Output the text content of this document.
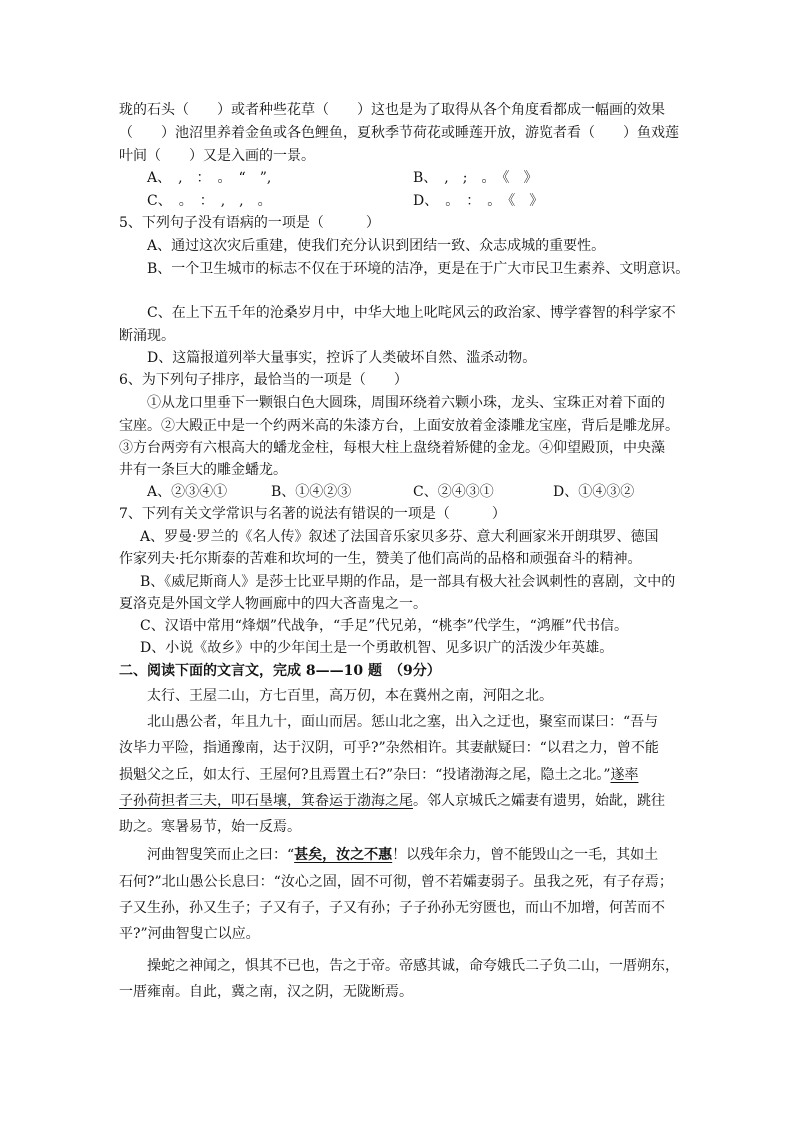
珑的石头（　　）或者种些花草（　　）这也是为了取得从各个角度看都成一幅画的效果
（　　）池沼里养着金鱼或各色鲤鱼，夏秋季节荷花或睡莲开放，游览者看（　　）鱼戏莲
叶间（　　）又是入画的一景。
A、　,　：　。　“　”,	B、　,　;　。　《　》
C、　。　：　,　,　。	D、　。　：　。　《　》
5、下列句子没有语病的一项是（　　　）
A、通过这次灾后重建，使我们充分认识到团结一致、众志成城的重要性。
B、一个卫生城市的标志不仅在于环境的洁净，更是在于广大市民卫生素养、文明意识。
C、在上下五千年的沧桑岁月中，中华大地上叱咤风云的政治家、博学睿智的科学家不
断涌现。
D、这篇报道列举大量事实，控诉了人类破坏自然、滥杀动物。
6、为下列句子排序，最恰当的一项是（　　）
①从龙口里垂下一颗银白色大圆珠，周围环绕着六颗小珠，龙头、宝珠正对着下面的
宝座。②大殿正中是一个约两米高的朱漆方台，上面安放着金漆雕龙宝座，背后是雕龙屏。
③方台两旁有六根高大的蟠龙金柱，每根大柱上盘绕着矫健的金龙。④仰望殿顶，中央藻
井有一条巨大的雕金蟠龙。
A、②③④①	B、①④②③	C、②④③①	D、①④③②
7、下列有关文学常识与名著的说法有错误的一项是（　　　）
A、罗曼·罗兰的《名人传》叙述了法国音乐家贝多芬、意大利画家米开朗琪罗、德国
作家列夫·托尔斯泰的苦难和坎坷的一生，赞美了他们高尚的品格和顽强奋斗的精神。
B、《威尼斯商人》是莎士比亚早期的作品，是一部具有极大社会讽刺性的喜剧，文中的
夏洛克是外国文学人物画廊中的四大吝啬鬼之一。
C、汉语中常用“烽烟”代战争，“手足”代兄弟，“桃李”代学生，“鸿雁”代书信。
D、小说《故乡》中的少年闰土是一个勇敢机智、见多识广的活泼少年英雄。
二、阅读下面的文言文，完成 8——10 题　（9分）
太行、王屋二山，方七百里，高万仞，本在冀州之南，河阳之北。
北山愚公者，年且九十，面山而居。惩山北之塞，出入之迂也，聚室而谋曰：“吾与
汝毕力平险，指通豫南，达于汉阴，可乎?”杂然相许。其妻献疑曰：“以君之力，曾不能
损魁父之丘，如太行、王屋何?且焉置土石?”杂曰：“投诸渤海之尾，隐土之北。”遂率
子孙荷担者三夫，叩石垦壤，箕畚运于渤海之尾。邻人京城氏之孀妻有遗男，始龀，跳往
助之。寒暑易节，始一反焉。
河曲智叟笑而止之曰：“甚矣，汝之不惠！以残年余力，曾不能毁山之一毛，其如土
石何?”北山愚公长息曰：“汝心之固，固不可彻，曾不若孀妻弱子。虽我之死，有子存焉；
子又生孙，孙又生子；子又有子，子又有孙；子子孙孙无穷匮也，而山不加增，何苦而不
平?”河曲智叟亡以应。
操蛇之神闻之，惧其不已也，告之于帝。帝感其诚，命夸娥氏二子负二山，一厝朔东，
一厝雍南。自此，冀之南，汉之阴，无陇断焉。
